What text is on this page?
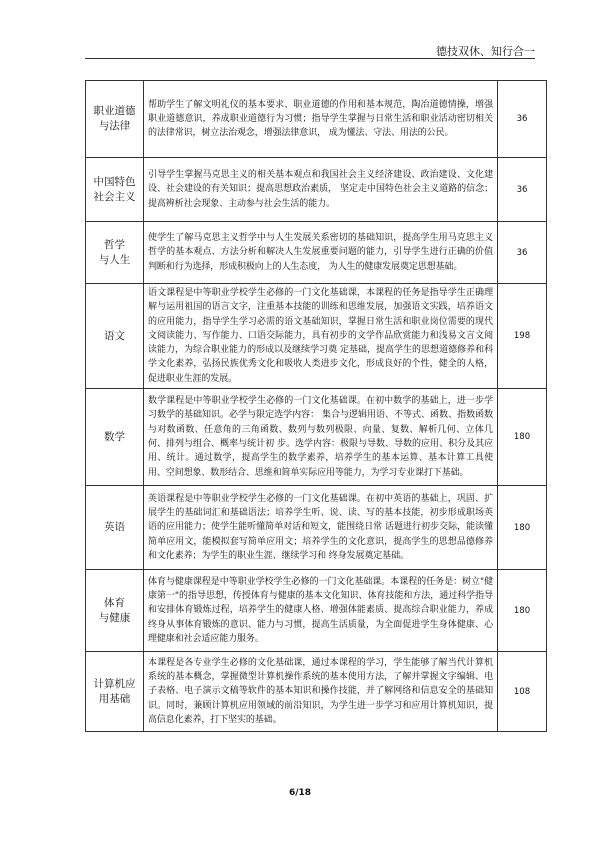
德技双休、知行合一
职业道德
与法律	帮助学生了解文明礼仪的基本要求、职业道德的作用和基本规范，陶冶道德情操，增强职业道德意识，养成职业道德行为习惯；指导学生掌握与日常生活和职业活动密切相关的法律常识，树立法治观念，增强法律意识， 成为懂法、守法、用法的公民。	36

中国特色
社会主义	引导学生掌握马克思主义的相关基本观点和我国社会主义经济建设、政治建设、文化建设、社会建设的有关知识；提高思想政治素质， 坚定走中国特色社会主义道路的信念；提高辨析社会现象、主动参与社会生活的能力。	36

哲学
与人生	使学生了解马克思主义哲学中与人生发展关系密切的基础知识，提高学生用马克思主义哲学的基本观点、方法分析和解决人生发展重要问题的能力，引导学生进行正确的价值判断和行为选择，形成积极向上的人生态度， 为人生的健康发展奠定思想基础。	36

语文	语文课程是中等职业学校学生必修的一门文化基础课，本课程的任务是指导学生正确理解与运用祖国的语言文字，注重基本技能的训练和思维发展，加强语文实践，培养语文的应用能力，指导学生学习必需的语文基础知识，掌握日常生活和职业岗位需要的现代文阅读能力、写作能力、口语交际能力，具有初步的文学作品欣赏能力和浅易文言文阅读能力，为综合职业能力的形成以及继续学习奠 定基础，提高学生的思想道德修养和科学文化素养，弘扬民族优秀文化和吸收人类进步文化，形成良好的个性，健全的人格，促进职业生涯的发展。	198

数学	数学课程是中等职业学校学生必修的一门文化基础课。在初中数学的基础上，进一步学习数学的基础知识。必学与限定选学内容： 集合与逻辑用语、不等式、函数、指数函数与对数函数、任意角的三角函数、数列与数列极限、向量、复数、解析几何、立体几何、排列与组合、概率与统计初 步。选学内容：极限与导数、导数的应用、积分及其应用、统计。通过数学，提高学生的数学素养，培养学生的基本运算、基本计算工具使用、空间想象、数形结合、思维和简单实际应用等能力，为学习专业课打下基础。	180

英语	英语课程是中等职业学校学生必修的一门文化基础课。在初中英语的基础上，巩固、扩展学生的基础词汇和基础语法；培养学生听、说、读、写的基本技能，初步形成职场英语的应用能力；使学生能听懂简单对话和短文，能围绕日常 话题进行初步交际，能读懂简单应用文，能模拟套写简单应用文；培养学生的文化意识，提高学生的思想品德修养和文化素养；为学生的职业生涯、继续学习和 终身发展奠定基础。	180

体育
与健康	体育与健康课程是中等职业学校学生必修的一门文化基础课。本课程的任务是：树立"健康第一"的指导思想，传授体育与健康的基本文化知识、体育技能和方法，通过科学指导和安排体育锻炼过程，培养学生的健康人格、增强体能素质、提高综合职业能力，养成终身从事体育锻炼的意识、能力与习惯，提高生活质量，为全面促进学生身体健康、心理健康和社会适应能力服务。	180

计算机应
用基础	本课程是各专业学生必修的文化基础课，通过本课程的学习，学生能够了解当代计算机系统的基本概念，掌握微型计算机操作系统的基本使用方法，了解并掌握文字编辑、电子表格、电子演示文稿等软件的基本知识和操作技能，并了解网络和信息安全的基础知识。同时，兼顾计算机应用领域的前沿知识，为学生进一步学习和应用计算机知识，提高信息化素养，打下坚实的基础。	108
6/18
